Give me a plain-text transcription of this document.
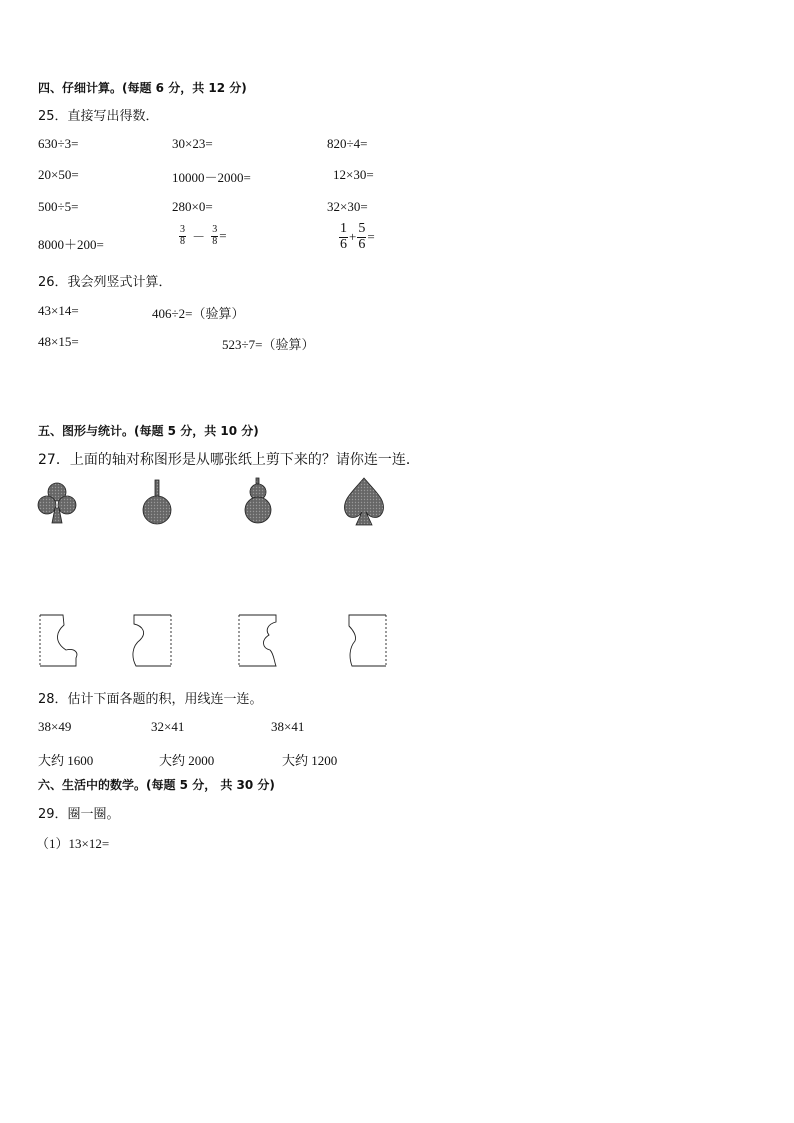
四、仔细计算。(每题 6 分，共 12 分)
25．直接写出得数．
630÷3=	30×23=	820÷4=
20×50=	10000－2000=	12×30=
500÷5=	280×0=	32×30=
8000＋200=	$\frac{3}{8} - \frac{3}{8}$ =	$\frac{1}{6} + \frac{5}{6}$ =
26．我会列竖式计算．
43×14=	406÷2=（验算）
48×15=	523÷7=（验算）
五、图形与统计。(每题 5 分，共 10 分)
27．上面的轴对称图形是从哪张纸上剪下来的？请你连一连．
28．估计下面各题的积，用线连一连。
38×49	32×41	38×41
大约 1600	大约 2000	大约 1200
六、生活中的数学。(每题 5 分， 共 30 分)
29．圈一圈。
（1）13×12=
